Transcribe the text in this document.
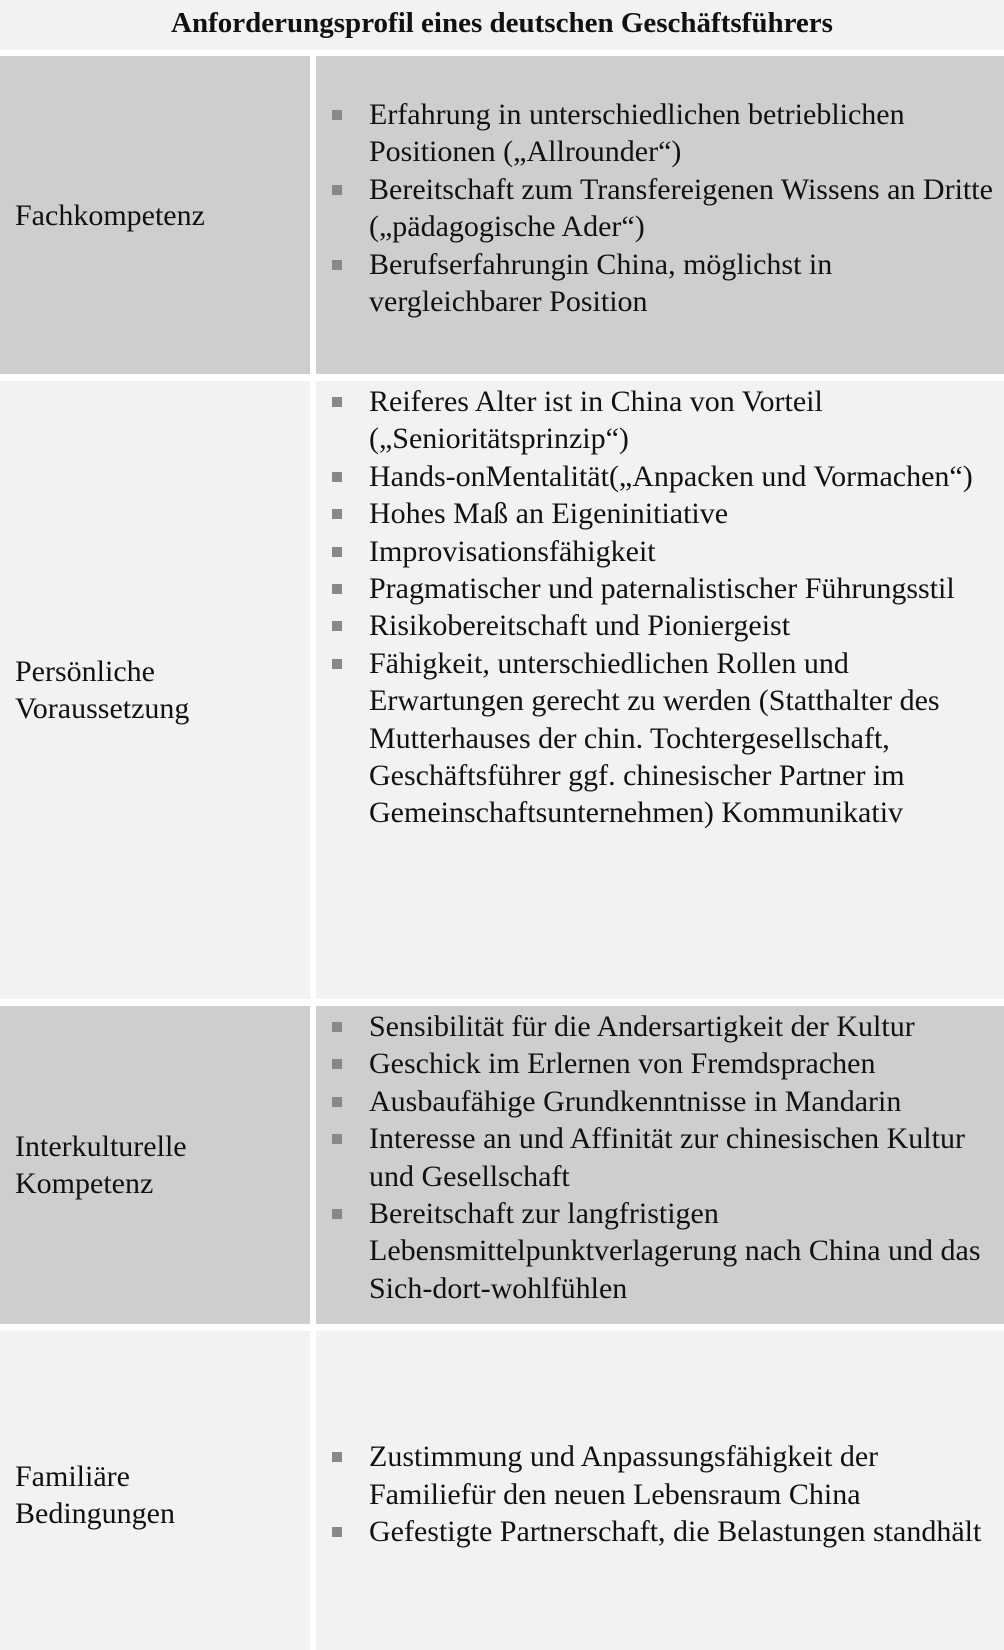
Anforderungsprofil eines deutschen Geschäftsführers
Fachkompetenz
Erfahrung in unterschiedlichen betrieblichen Positionen („Allrounder“)
Bereitschaft zum Transfereigenen Wissens an Dritte („pädagogische Ader“)
Berufserfahrungin China, möglichst in vergleichbarer Position
Persönliche Voraussetzung
Reiferes Alter ist in China von Vorteil („Senioritätsprinzip“)
Hands-onMentalität(„Anpacken und Vormachen“)
Hohes Maß an Eigeninitiative
Improvisationsfähigkeit
Pragmatischer und paternalistischer Führungsstil
Risikobereitschaft und Pioniergeist
Fähigkeit, unterschiedlichen Rollen und Erwartungen gerecht zu werden (Statthalter des Mutterhauses der chin. Tochtergesellschaft, Geschäftsführer ggf. chinesischer Partner im Gemeinschaftsunternehmen) Kommunikativ
Interkulturelle Kompetenz
Sensibilität für die Andersartigkeit der Kultur
Geschick im Erlernen von Fremdsprachen
Ausbaufähige Grundkenntnisse in Mandarin
Interesse an und Affinität zur chinesischen Kultur und Gesellschaft
Bereitschaft zur langfristigen Lebensmittelpunktverlagerung nach China und das Sich-dort-wohlfühlen
Familiäre Bedingungen
Zustimmung und Anpassungsfähigkeit der Familiefür den neuen Lebensraum China
Gefestigte Partnerschaft, die Belastungen standhält
